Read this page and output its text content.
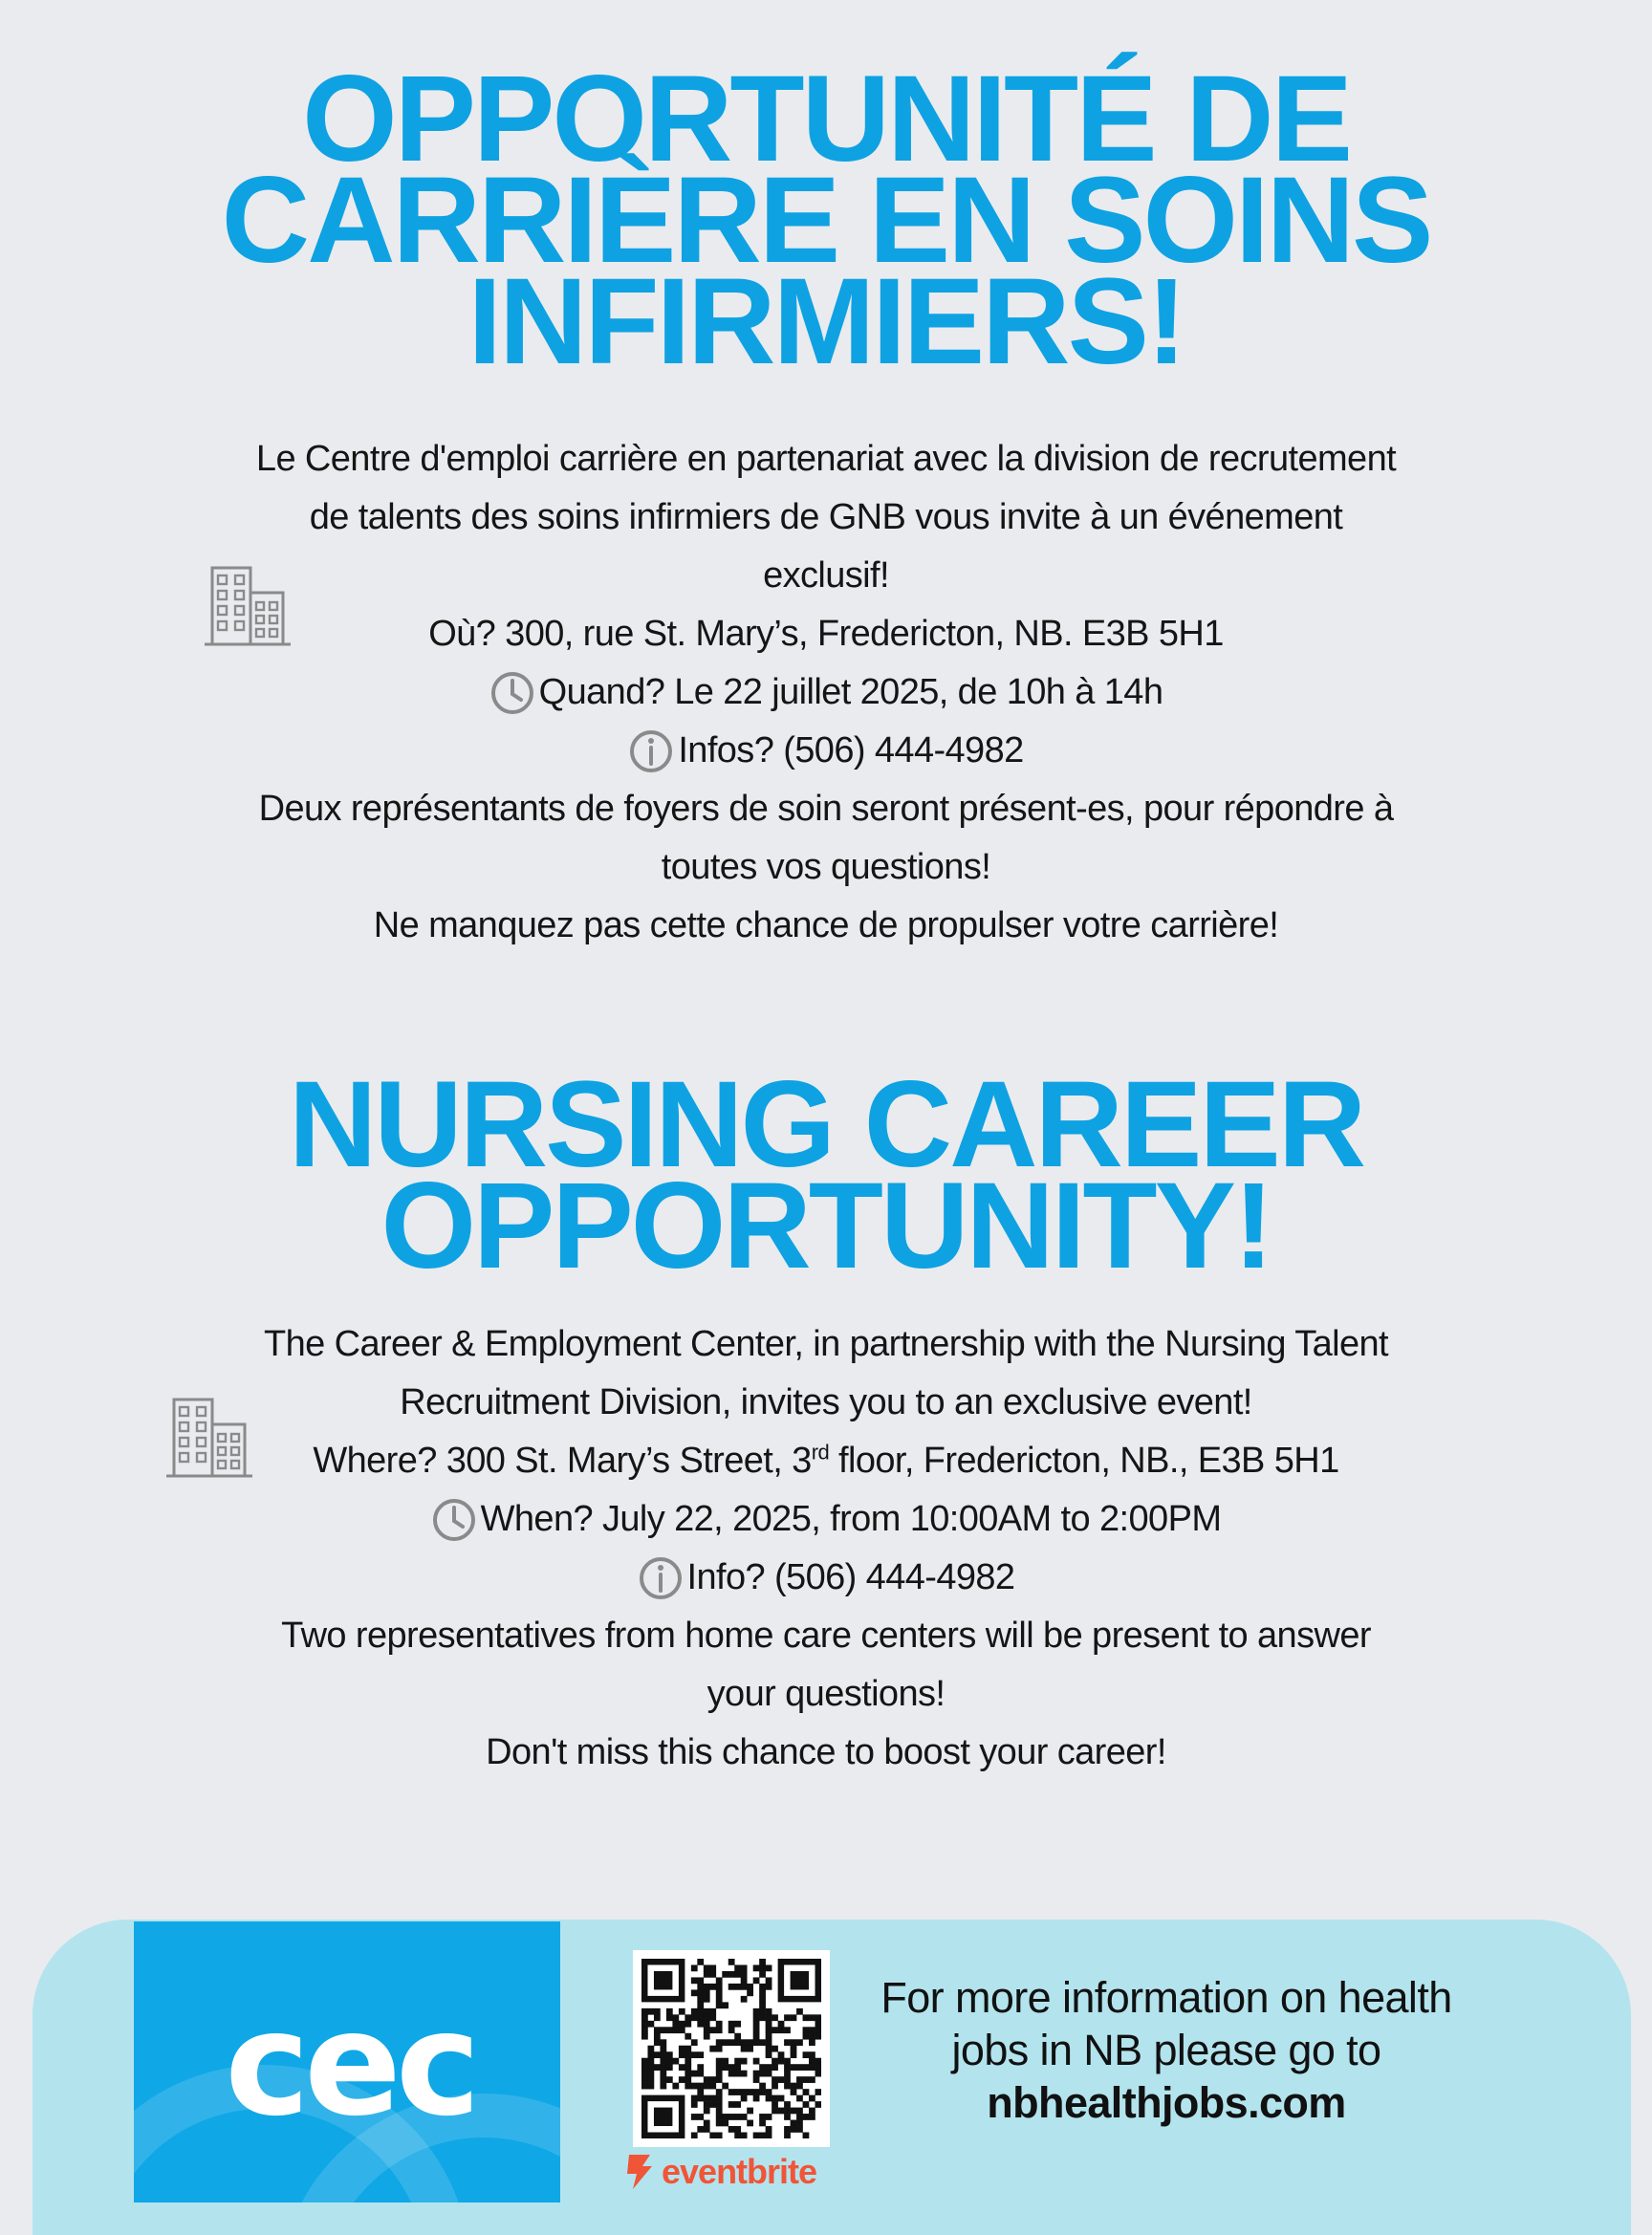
OPPORTUNITÉ DE
CARRIÈRE EN SOINS
INFIRMIERS!
Le Centre d'emploi carrière en partenariat avec la division de recrutement
de talents des soins infirmiers de GNB vous invite à un événement
exclusif!
Où? 300, rue St. Mary’s, Fredericton, NB. E3B 5H1
Quand? Le 22 juillet 2025, de 10h à 14h
Infos? (506) 444-4982
Deux représentants de foyers de soin seront présent-es, pour répondre à
toutes vos questions!
Ne manquez pas cette chance de propulser votre carrière!
NURSING CAREER
OPPORTUNITY!
The Career & Employment Center, in partnership with the Nursing Talent
Recruitment Division, invites you to an exclusive event!
Where? 300 St. Mary’s Street, 3rd floor, Fredericton, NB., E3B 5H1
When? July 22, 2025, from 10:00AM to 2:00PM
Info? (506) 444-4982
Two representatives from home care centers will be present to answer
your questions!
Don't miss this chance to boost your career!
cec
eventbrite
For more information on health
jobs in NB please go to
nbhealthjobs.com
